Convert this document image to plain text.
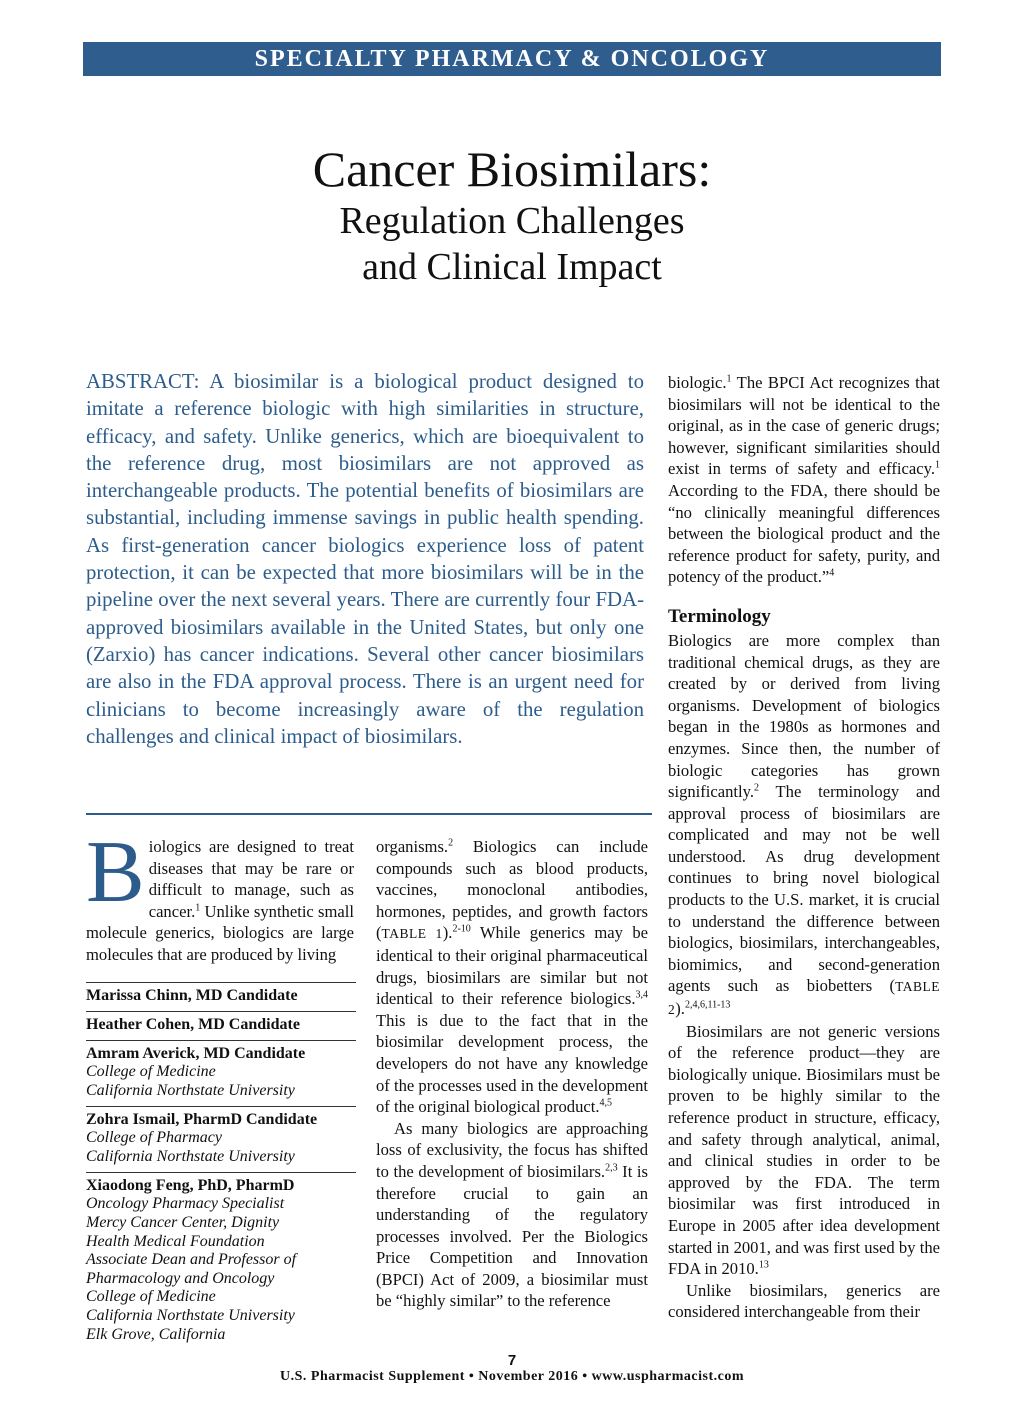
SPECIALTY PHARMACY & ONCOLOGY
Cancer Biosimilars:
Regulation Challenges
and Clinical Impact

ABSTRACT: A biosimilar is a biological product designed to imitate a reference biologic with high similarities in structure, efficacy, and safety. Unlike generics, which are bioequivalent to the reference drug, most biosimilars are not approved as interchangeable products. The potential benefits of biosimilars are substantial, including immense savings in public health spending. As first-generation cancer biologics experience loss of patent protection, it can be expected that more biosimilars will be in the pipeline over the next several years. There are currently four FDA-approved biosimilars available in the United States, but only one (Zarxio) has cancer indications. Several other cancer biosimilars are also in the FDA approval process. There is an urgent need for clinicians to become increasingly aware of the regulation challenges and clinical impact of biosimilars.

Biologics are designed to treat diseases that may be rare or difficult to manage, such as cancer.$^1$ Unlike synthetic small molecule generics, biologics are large molecules that are produced by living

Marissa Chinn, MD Candidate
Heather Cohen, MD Candidate
Amram Averick, MD Candidate
College of Medicine
California Northstate University
Zohra Ismail, PharmD Candidate
College of Pharmacy
California Northstate University
Xiaodong Feng, PhD, PharmD
Oncology Pharmacy Specialist
Mercy Cancer Center, Dignity
Health Medical Foundation
Associate Dean and Professor of
Pharmacology and Oncology
College of Medicine
California Northstate University
Elk Grove, California

organisms.$^2$ Biologics can include compounds such as blood products, vaccines, monoclonal antibodies, hormones, peptides, and growth factors (TABLE 1).$^{2-10}$ While generics may be identical to their original pharmaceutical drugs, biosimilars are similar but not identical to their reference biologics.$^{3,4}$ This is due to the fact that in the biosimilar development process, the developers do not have any knowledge of the processes used in the development of the original biological product.$^{4,5}$

As many biologics are approaching loss of exclusivity, the focus has shifted to the development of biosimilars.$^{2,3}$ It is therefore crucial to gain an understanding of the regulatory processes involved. Per the Biologics Price Competition and Innovation (BPCI) Act of 2009, a biosimilar must be “highly similar” to the reference

biologic.$^1$ The BPCI Act recognizes that biosimilars will not be identical to the original, as in the case of generic drugs; however, significant similarities should exist in terms of safety and efficacy.$^1$ According to the FDA, there should be “no clinically meaningful differences between the biological product and the reference product for safety, purity, and potency of the product.”$^4$

Terminology

Biologics are more complex than traditional chemical drugs, as they are created by or derived from living organisms. Development of biologics began in the 1980s as hormones and enzymes. Since then, the number of biologic categories has grown significantly.$^2$ The terminology and approval process of biosimilars are complicated and may not be well understood. As drug development continues to bring novel biological products to the U.S. market, it is crucial to understand the difference between biologics, biosimilars, interchangeables, biomimics, and second-generation agents such as biobetters (TABLE 2).$^{2,4,6,11-13}$

Biosimilars are not generic versions of the reference product—they are biologically unique. Biosimilars must be proven to be highly similar to the reference product in structure, efficacy, and safety through analytical, animal, and clinical studies in order to be approved by the FDA. The term biosimilar was first introduced in Europe in 2005 after idea development started in 2001, and was first used by the FDA in 2010.13

Unlike biosimilars, generics are considered interchangeable from their

7
U.S. Pharmacist Supplement • November 2016 • www.uspharmacist.com
